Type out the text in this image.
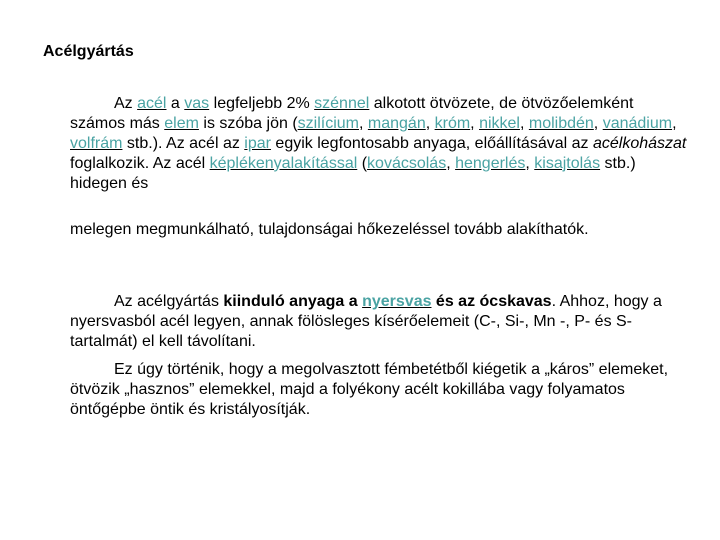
Acélgyártás
Az acél a vas legfeljebb 2% szénnel alkotott ötvözete, de ötvözőelemként számos más elem is szóba jön (szilícium, mangán, króm, nikkel, molibdén, vanádium, volfrám stb.). Az acél az ipar egyik legfontosabb anyaga, előállításával az acélkohászat foglalkozik. Az acél képlékenyalakítással (kovácsolás, hengerlés, kisajtolás stb.) hidegen és
melegen megmunkálható, tulajdonságai hőkezeléssel tovább alakíthatók.
Az acélgyártás kiinduló anyaga a nyersvas és az ócskavas. Ahhoz, hogy a nyersvasból acél legyen, annak fölösleges kísérőelemeit (C-, Si-, Mn -, P- és S-tartalmát) el kell távolítani.
Ez úgy történik, hogy a megolvasztott fémbetétből kiégetik a „káros” elemeket, ötvözik „hasznos” elemekkel, majd a folyékony acélt kokillába vagy folyamatos öntőgépbe öntik és kristályosítják.
